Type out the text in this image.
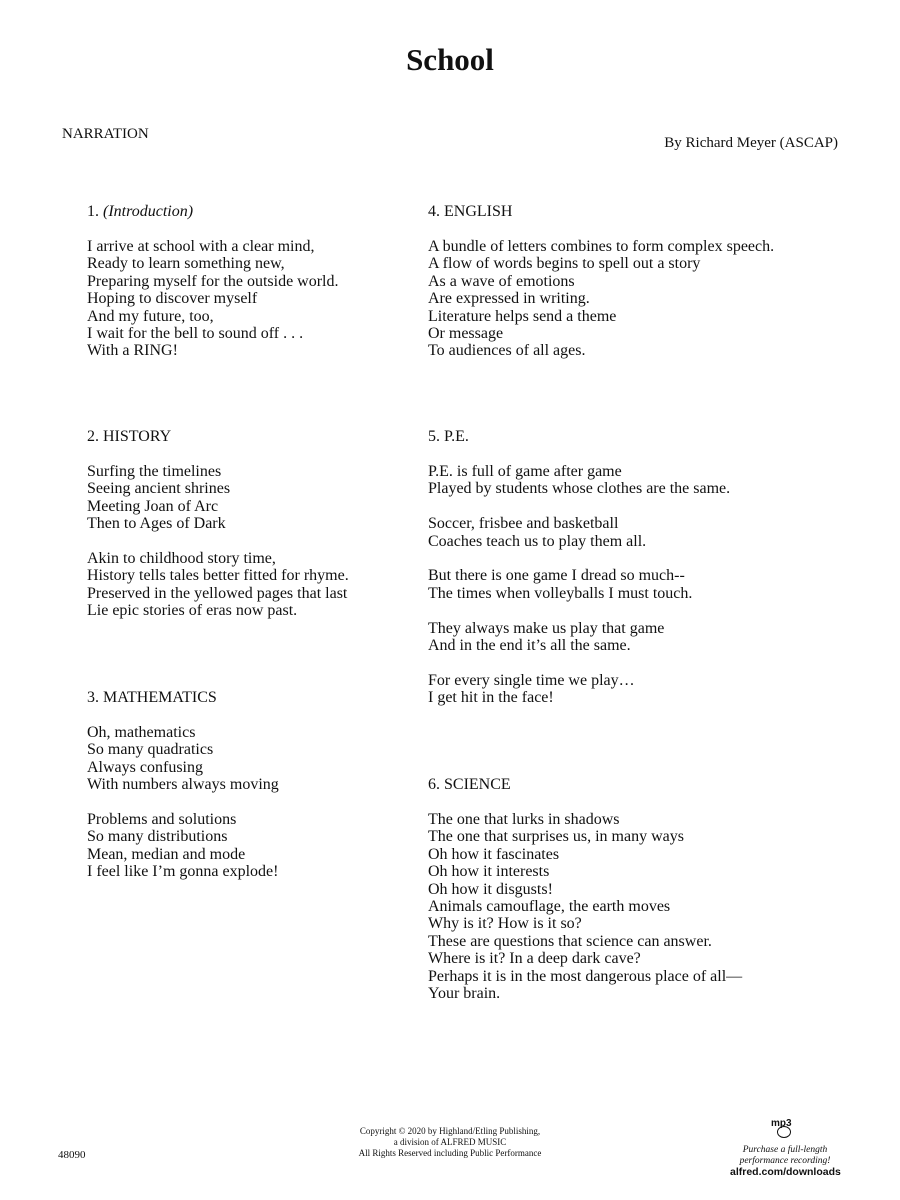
School
NARRATION
By Richard Meyer (ASCAP)
1. (Introduction)
I arrive at school with a clear mind,
Ready to learn something new,
Preparing myself for the outside world.
Hoping to discover myself
And my future, too,
I wait for the bell to sound off . . .
With a RING!
2. HISTORY
Surfing the timelines
Seeing ancient shrines
Meeting Joan of Arc
Then to Ages of Dark
Akin to childhood story time,
History tells tales better fitted for rhyme.
Preserved in the yellowed pages that last
Lie epic stories of eras now past.
3. MATHEMATICS
Oh, mathematics
So many quadratics
Always confusing
With numbers always moving
Problems and solutions
So many distributions
Mean, median and mode
I feel like I’m gonna explode!
4. ENGLISH
A bundle of letters combines to form complex speech.
A flow of words begins to spell out a story
As a wave of emotions
Are expressed in writing.
Literature helps send a theme
Or message
To audiences of all ages.
5. P.E.
P.E. is full of game after game
Played by students whose clothes are the same.
Soccer, frisbee and basketball
Coaches teach us to play them all.
But there is one game I dread so much--
The times when volleyballs I must touch.
They always make us play that game
And in the end it’s all the same.
For every single time we play…
I get hit in the face!
6. SCIENCE
The one that lurks in shadows
The one that surprises us, in many ways
Oh how it fascinates
Oh how it interests
Oh how it disgusts!
Animals camouflage, the earth moves
Why is it? How is it so?
These are questions that science can answer.
Where is it? In a deep dark cave?
Perhaps it is in the most dangerous place of all—
Your brain.
48090
Copyright © 2020 by Highland/Etling Publishing,
a division of ALFRED MUSIC
All Rights Reserved including Public Performance
mp3
Purchase a full-length
performance recording!
alfred.com/downloads
